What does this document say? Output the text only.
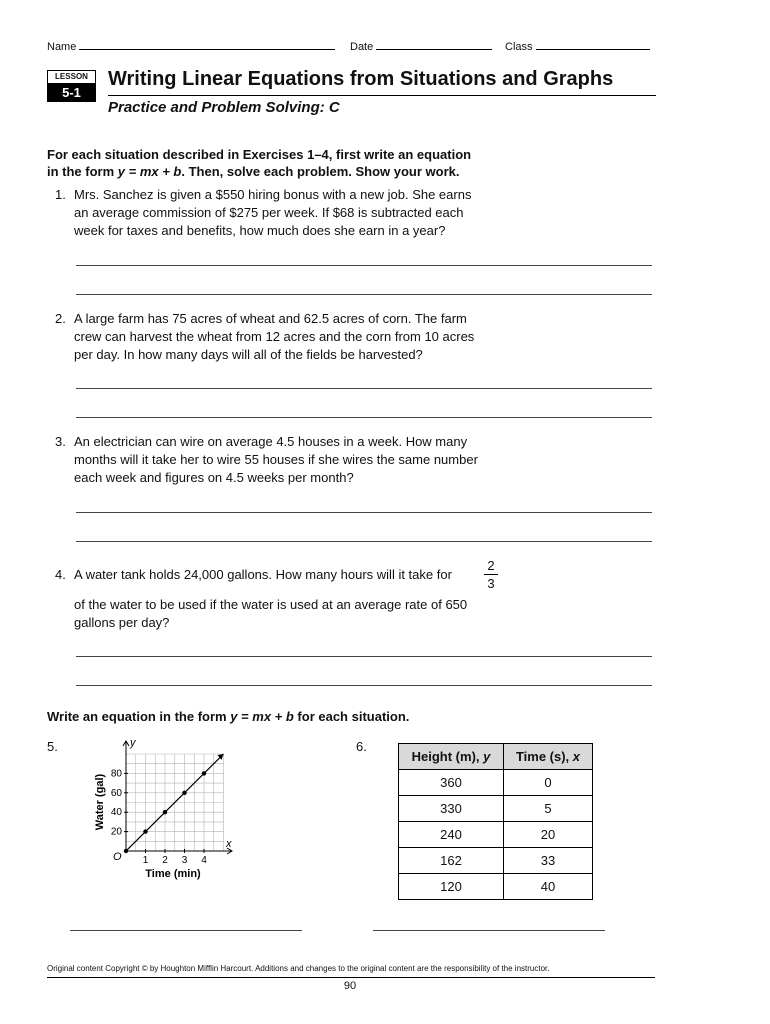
Name	Date	Class
LESSON
5-1
Writing Linear Equations from Situations and Graphs
Practice and Problem Solving: C
For each situation described in Exercises 1–4, first write an equation
in the form y = mx + b. Then, solve each problem. Show your work.
1. Mrs. Sanchez is given a $550 hiring bonus with a new job. She earns
an average commission of $275 per week. If $68 is subtracted each
week for taxes and benefits, how much does she earn in a year?
2. A large farm has 75 acres of wheat and 62.5 acres of corn. The farm
crew can harvest the wheat from 12 acres and the corn from 10 acres
per day. In how many days will all of the fields be harvested?
3. An electrician can wire on average 4.5 houses in a week. How many
months will it take her to wire 55 houses if she wires the same number
each week and figures on 4.5 weeks per month?
4. A water tank holds 24,000 gallons. How many hours will it take for
2
3
of the water to be used if the water is used at an average rate of 650
gallons per day?
Write an equation in the form y = mx + b for each situation.
5.	y
x
O 1 2 3 4
20
40
60
80
Water (gal)
Time (min)
6.
Height (m), y	Time (s), x
360	0
330	5
240	20
162	33
120	40
Original content Copyright © by Houghton Mifflin Harcourt. Additions and changes to the original content are the responsibility of the instructor.
90
